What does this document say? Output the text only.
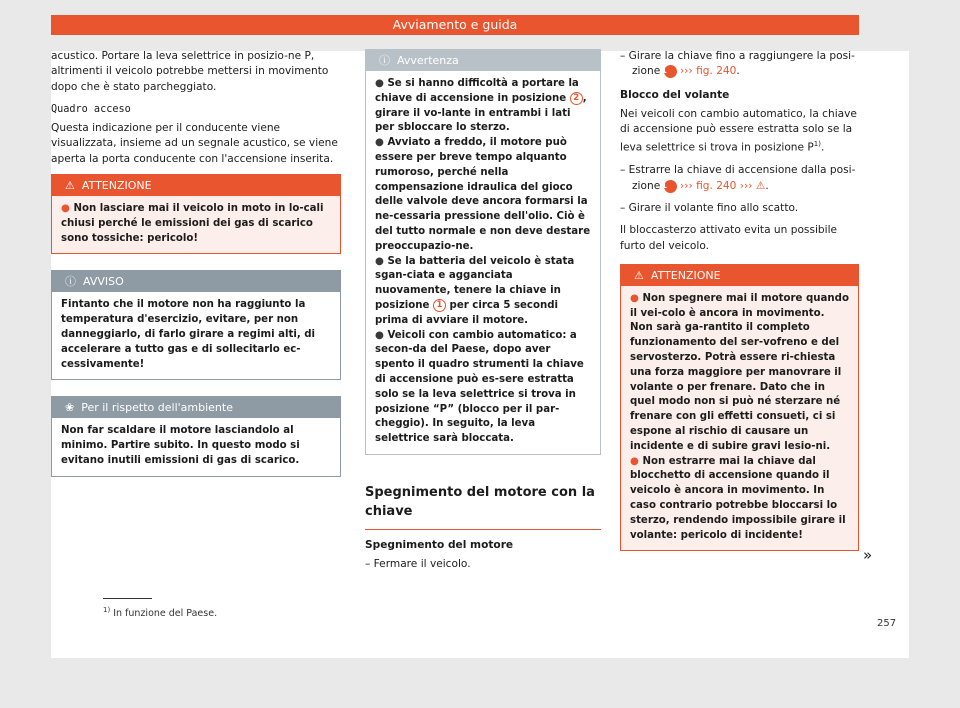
Avviamento e guida

acustico. Portare la leva selettrice in posizio-ne P, altrimenti il veicolo potrebbe mettersi in movimento dopo che è stato parcheggiato.

Quadro acceso

Questa indicazione per il conducente viene visualizzata, insieme ad un segnale acustico, se viene aperta la porta conducente con l'accensione inserita.

⚠ ATTENZIONE
● Non lasciare mai il veicolo in moto in lo-cali chiusi perché le emissioni dei gas di scarico sono tossiche: pericolo!
ⓘ AVVISO
Fintanto che il motore non ha raggiunto la temperatura d'esercizio, evitare, per non danneggiarlo, di farlo girare a regimi alti, di accelerare a tutto gas e di sollecitarlo ec-cessivamente!
❀ Per il rispetto dell'ambiente
Non far scaldare il motore lasciandolo al minimo. Partire subito. In questo modo si evitano inutili emissioni di gas di scarico.
ⓘ Avvertenza
● Se si hanno difficoltà a portare la chiave di accensione in posizione 2 , girare il vo-lante in entrambi i lati per sbloccare lo sterzo.
● Avviato a freddo, il motore può essere per breve tempo alquanto rumoroso, perché nella compensazione idraulica del gioco delle valvole deve ancora formarsi la ne-cessaria pressione dell'olio. Ciò è del tutto normale e non deve destare preoccupazio-ne.
● Se la batteria del veicolo è stata sgan-ciata e agganciata nuovamente, tenere la chiave in posizione 1 per circa 5 secondi prima di avviare il motore.
● Veicoli con cambio automatico: a secon-da del Paese, dopo aver spento il quadro strumenti la chiave di accensione può es-sere estratta solo se la leva selettrice si trova in posizione “P” (blocco per il par-cheggio). In seguito, la leva selettrice sarà bloccata.
Spegnimento del motore con la chiave
Spegnimento del motore
– Fermare il veicolo.
– Girare la chiave fino a raggiungere la posi-zione 1 ››› fig. 240.
Blocco del volante

Nei veicoli con cambio automatico, la chiave di accensione può essere estratta solo se la leva selettrice si trova in posizione $P^{1)}$.

– Estrarre la chiave di accensione dalla posi-zione 1 ››› fig. 240 ››› ⚠.
– Girare il volante fino allo scatto.

Il bloccasterzo attivato evita un possibile furto del veicolo.

⚠ ATTENZIONE
● Non spegnere mai il motore quando il vei-colo è ancora in movimento. Non sarà ga-rantito il completo funzionamento del ser-vofreno e del servosterzo. Potrà essere ri-chiesta una forza maggiore per manovrare il volante o per frenare. Dato che in quel modo non si può né sterzare né frenare con gli effetti consueti, ci si espone al rischio di causare un incidente e di subire gravi lesio-ni.
● Non estrarre mai la chiave dal blocchetto di accensione quando il veicolo è ancora in movimento. In caso contrario potrebbe bloccarsi lo sterzo, rendendo impossibile girare il volante: pericolo di incidente!
»
$^{1)}$ In funzione del Paese.
257
